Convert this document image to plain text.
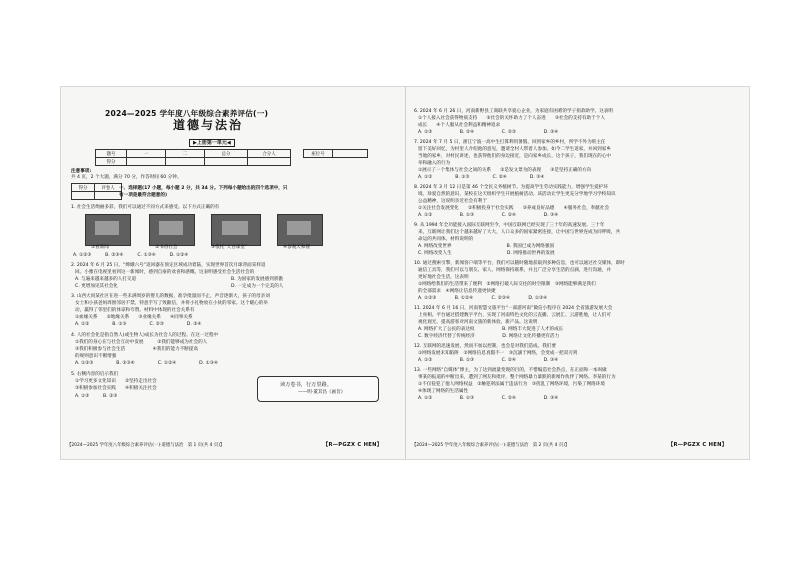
2024—2025 学年度八年级综合素养评估(一)
道德与法治
▶上册第一单元◀
题号	一	二	总分	合分人
得分				
座位号	
注意事项:
共 4 页，2 个大题，满分 70 分，作答时间 60 分钟。
得分	评卷人
	一、选择题(17 小题，每小题 2 分，共 34 分。下列每小题给出的四个选项中，只
有一项是最符合题意的)
1. 社会生活绚丽多彩，我们可以通过不同方式来感受。以下方式正确的有
①看新闻	②书香社会	③依托“天宫课堂”	④参观天和楼
A. ①②③　　　B. ②③④　　　C. ①③④　　　D. ①②④
2. 2024 年 6 月 25 日，“嫦娥六号”返回器在预定区域成功着陆，实现世界首次月球背面采样返
回。小雅在电视里看到这一新闻时，感到自豪的欢喜和感慨。这表明感受社会生活社会的
A. 与遍来越来越多的人打交道	B. 为国家的发展感到骄傲
C. 更增加见其社会化	D. 一定成为一个完美的人
3. 山西大同某社区在进一些未满周岁的婴儿的数据，准孕批量而不止，声音逐渐大，孩子的母亲刘
女士和小孩爸妈周围邻居不禁，特意手写了致歉信，并将小礼物放在小伙的邻家。这个暖心的举
动，赢得了邻里们的体谅和夸赞。材料中体现的社会关系有
①血缘关系　　②地缘关系　　③业缘关系　　④同事关系
A. ①②　　　　　B. ①③　　　　　C. ②③　　　　　D. ②④
4. 人的社会化是指自然人(或生物人)成长为社会人的过程。在这一过程中
①我们的身心在与社会互动中发展　　　②我们能够成为社会的人
③我们积极参与社会生活　　　　　　④我们的能力不断提高
的规则意识不断增强
A. ①②③　　　　　B. ②③④　　　　　C. ①②④　　　　　D. ①③④
5. 右侧内容的启示我们
①学习更多文化知识　　②坚持走出社会
③积极参加社会实践　　④积极关注社会
A. ①③　　　B. ②③
读万卷书，行万里路。
——明·董其昌《画旨》
【2024—2025 学年度八年级综合素养评估(一)·道德与法治　第 1 页(共 4 页)】	【R—PGZX C HEN】
6. 2024 年 6 月 26 日，河南新野县工商联共享爱心企业，为家庭有困难的学子捐款助学。这表明
①个人接入社会获得物质支持　　②社会的关怀助力了个人奋进　　③社会的支持有助于个人
成长　　④个人服从社会利益和精神追求
A. ①③　　　　　　B. ②④　　　　　　C. ②③　　　　　　D. ③④
7. 2024 年 7 月 5 日，浙江宁波一高中生打算利用暑假，回到家乡的乡村，所学不外为班主任
留下美好回忆，为村里人介绍他的意见，邀请全村人带着人参加。如今二学生返家，并回到家乡
当地的家乡，对村民讲述，也获得他们的身边接近，是向家乡成长，这个孩子，我们现在的心中
举和融入的行为
①展示了一个集体与社会之间的关系　　②是发文景为的表现　　③是坚持正确的方向
A. ①②　　　　　B. ①③　　　　　C. ②④　　　　　D. ③④
8. 2024 年 3 月 12 日是第 46 个全民义务植树节。为提高学生劳动实践能力，增强学生爱护环
境、珍爱自然的意识，某校在这天组织学生开展植树活动。该活动让学生更充分学地学习学校知识
公益精神，这说明亲近社会有利于
①关注社会发展变化　　②积极投身于社会实践　　③养成良好品德　　④服务社会，奉献社会
A. ①②　　　　　　B. ①③　　　　　　C. ②④　　　　　　D. ③④
9. 从 1994 年全功能接入国际互联网至今，中国互联网已经实现了三十年的高速发展。三十年
来，互联网让我们这个越来越好了大大，人口众多的国家紧密连接，让中国与世界连成为同呼吸，共
命运的共同体。材料说明的
A. 网络改变世界　　　　　　　　　　　　B. 我国已成为网络强国
C. 网络改变人生　　　　　　　　　　　　D. 网络推动世界的发展
10. 通过搜索引擎，新闻客户端等平台，我们可以随时随地获取到多种信息，也可以通过社交媒体，即时
通信工具等，我们可以与朋友、家人、网络保持联系，并且广泛分享生活的点滴，进行沟通，并
更好地社会生活，这表明
①网络给我们的生活带来了便利　②网络打破人际交往的时空限制　③网络能够满足我们
的全部需求　④网络让信息传递更快捷
A. ①②③　　　　B. ①②④　　　　C. ②③④　　　　D. ①③④
11. 2024 年 6 月 16 日，河南智慧文旅平台“一部游河南”微信小程序在 2024 全省旅游发展大会
上亮相。平台通过搭建数字平台，实现了河南特色文化的云直播、云展汇、云游胜地，让人们可
视化观光，提高游客对河南文旅的新体验、新产品。这说明
A. 网络扩大了公民的表达权　　　　　　B. 网络丰大促进了人才的成长
C. 数字经济代替了传统经济　　　　　　D. 网络让文化传播更有活力
12. 互联网的迅速发展，然而不加以控制，也会是对我们造成。我们要
①网络发展未知陷阱　②网络信息真假不一　③沉溺于网络，会变成一把双刃剑
A. ①②　　　　　　B. ①③　　　　　　C. ②④　　　　　　D. ③④
13. 一些网络“自媒体”博主，为了达到流量变现的目的，不惜编造社会热点，在正面和一本叫做
事某的报道的中断出来，遭到了网友和批评，整个网络暴力暴跌的新闻作伙伴了网络。李某的行为
①不仅侵犯了他人网络权益　②触犯刑法属于违法行为　③扰乱了网络环境，污染了网络环境
④体现了网络的生活属性
A. ①②　　　　　　B. ①③　　　　　　C. ②④　　　　　　D. ③④
【2024—2025 学年度八年级综合素养评估(一)·道德与法治　第 2 页(共 4 页)】	【R—PGZX C HEN】
